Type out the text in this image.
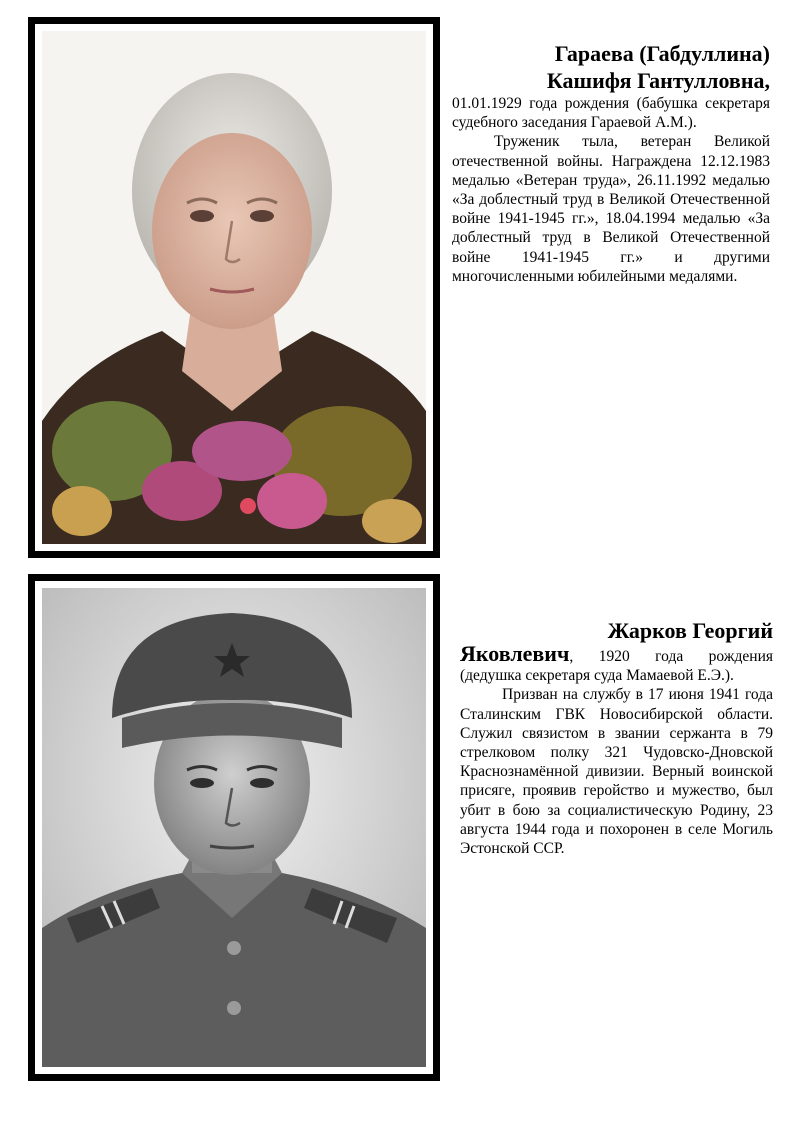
Гараева (Габдуллина)
Кашифя Гантулловна,

01.01.1929 года рождения (бабушка секретаря судебного заседания Гараевой А.М.).

Труженик тыла, ветеран Великой отечественной войны. Награждена 12.12.1983 медалью «Ветеран труда», 26.11.1992 медалью «За доблестный труд в Великой Отечественной войне 1941-1945 гг.», 18.04.1994 медалью «За доблестный труд в Великой Отечественной войне 1941-1945 гг.» и другими многочисленными юбилейными медалями.

Жарков Георгий

Яковлевич, 1920 года рождения (дедушка секретаря суда Мамаевой Е.Э.).

Призван на службу в 17 июня 1941 года Сталинским ГВК Новосибирской области. Служил связистом в звании сержанта в 79 стрелковом полку 321 Чудовско-Дновской Краснознамённой дивизии. Верный воинской присяге, проявив геройство и мужество, был убит в бою за социалистическую Родину, 23 августа 1944 года и похоронен в селе Могиль Эстонской ССР.
